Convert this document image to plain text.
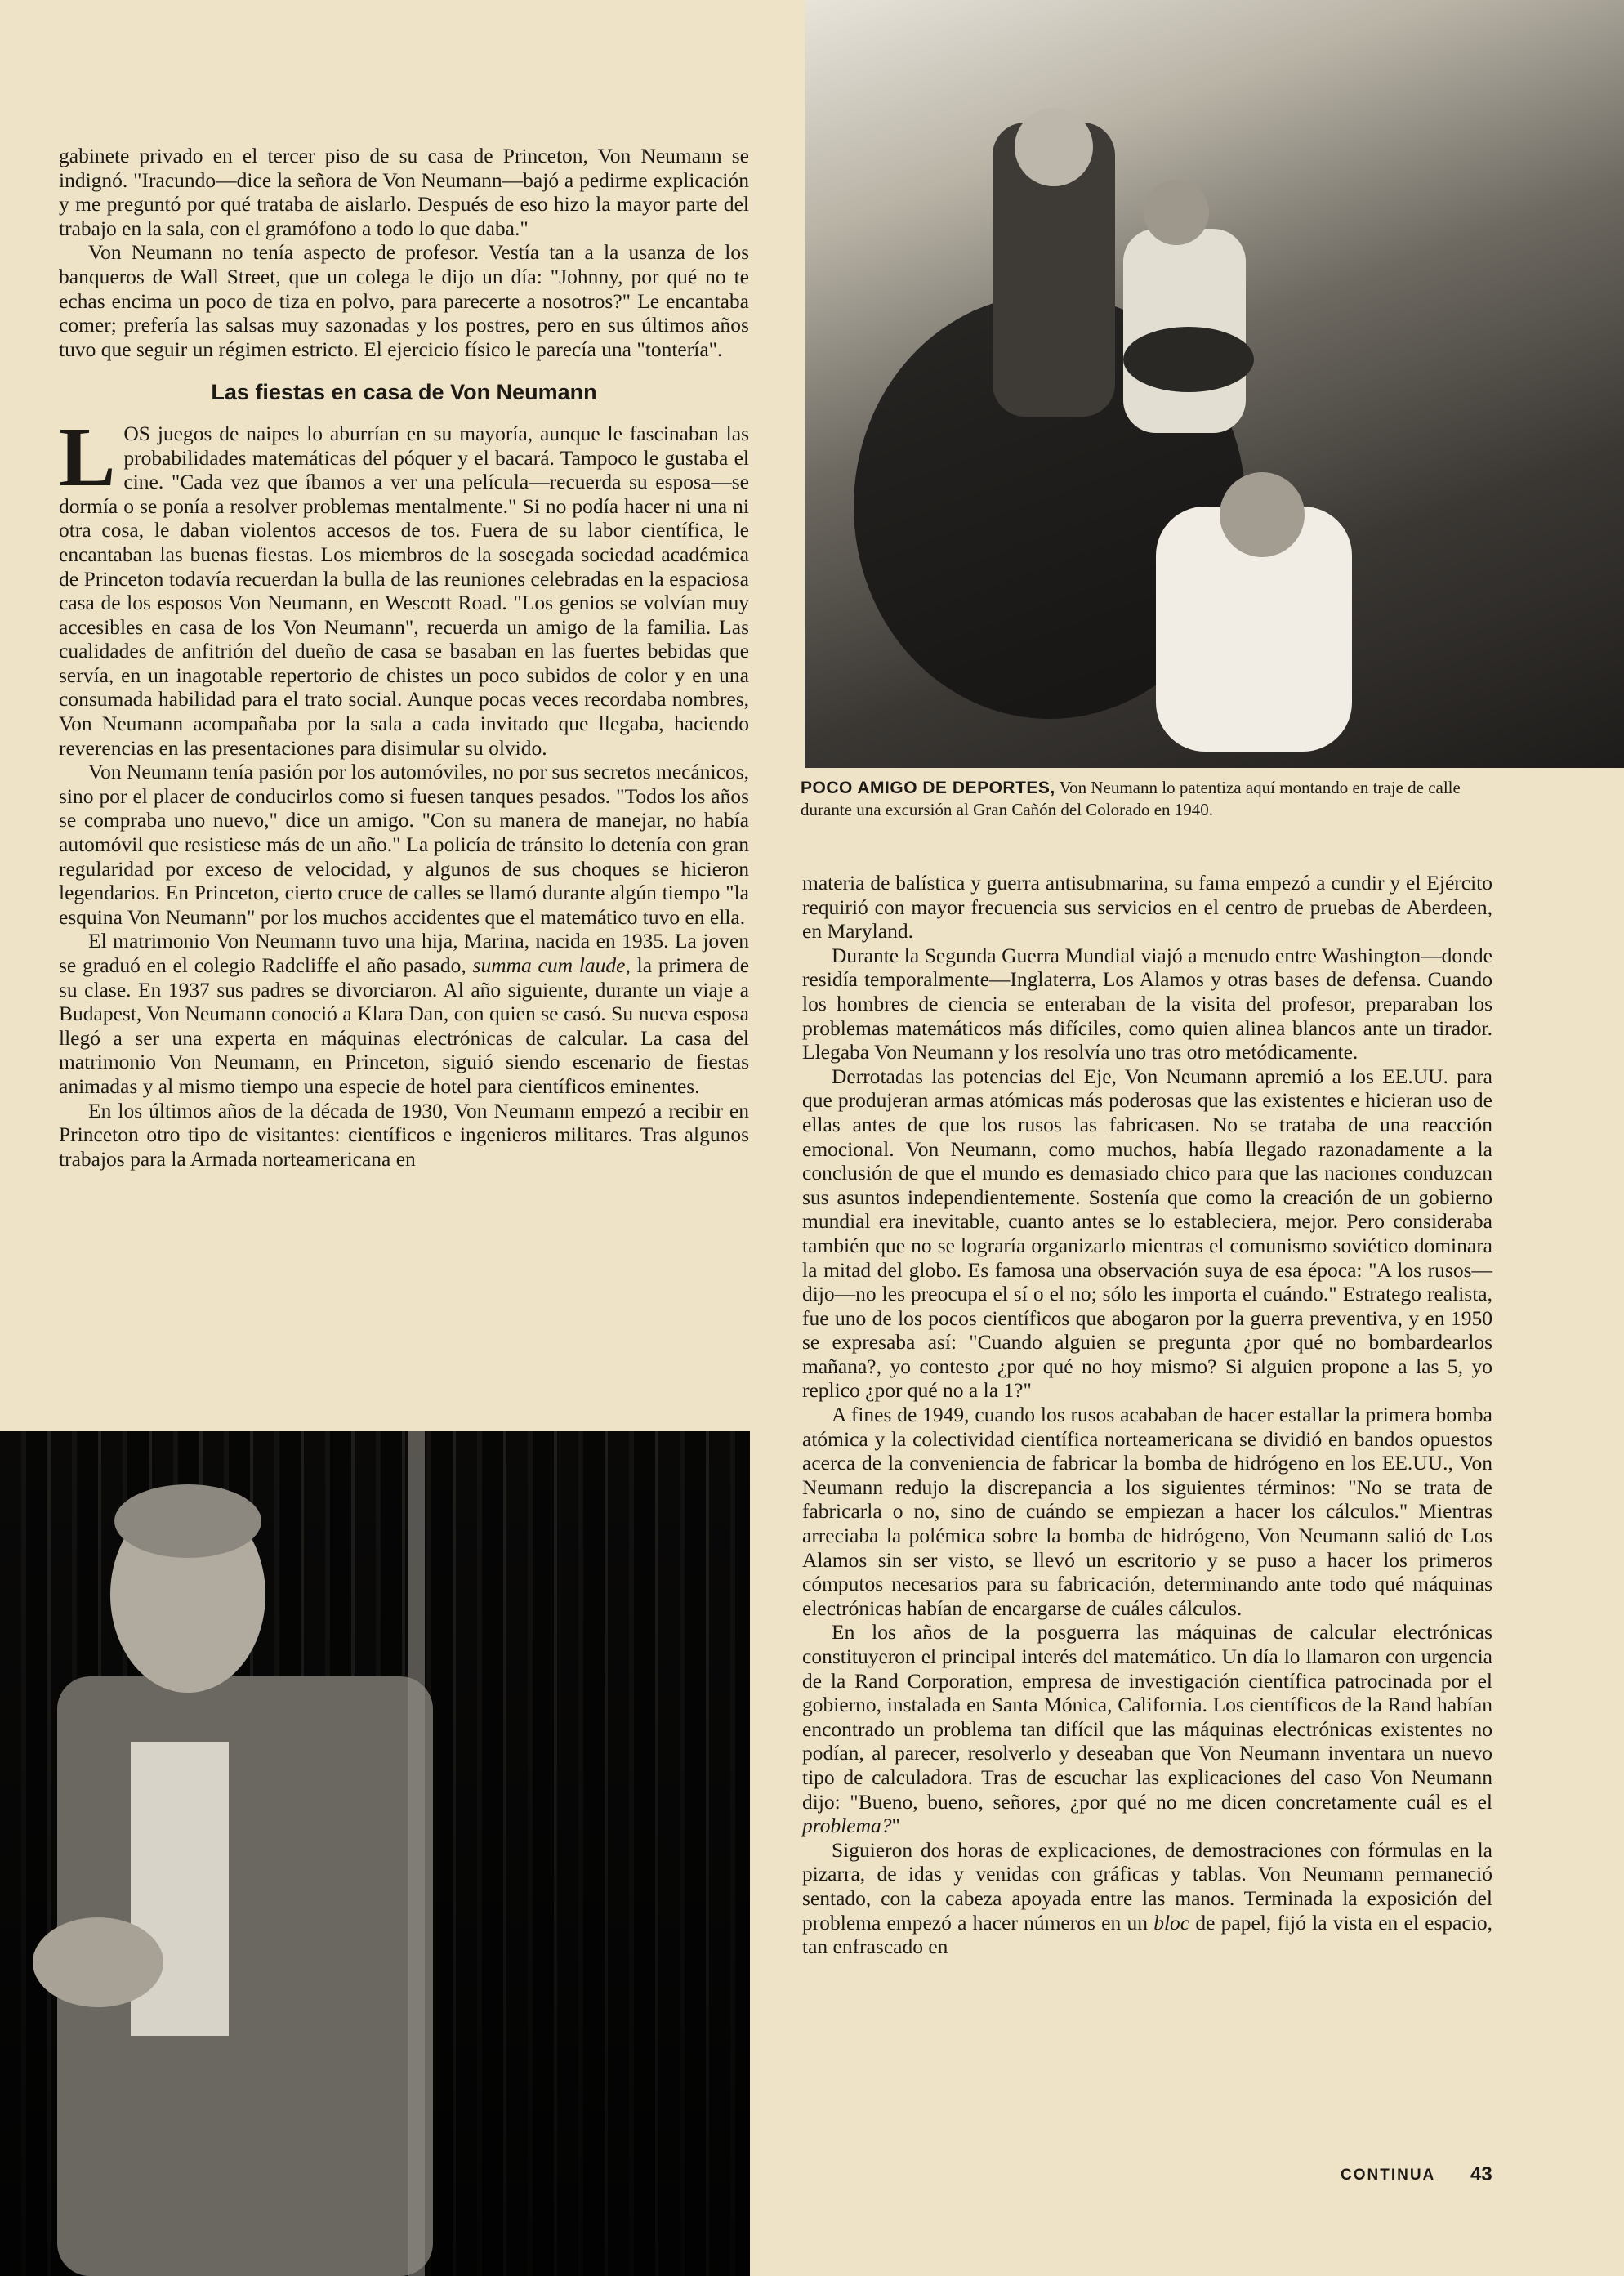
gabinete privado en el tercer piso de su casa de Princeton, Von Neumann se indignó. "Iracundo—dice la señora de Von Neumann—bajó a pedirme explicación y me preguntó por qué trataba de aislarlo. Después de eso hizo la mayor parte del trabajo en la sala, con el gramófono a todo lo que daba."

Von Neumann no tenía aspecto de profesor. Vestía tan a la usanza de los banqueros de Wall Street, que un colega le dijo un día: "Johnny, por qué no te echas encima un poco de tiza en polvo, para parecerte a nosotros?" Le encantaba comer; prefería las salsas muy sazonadas y los postres, pero en sus últimos años tuvo que seguir un régimen estricto. El ejercicio físico le parecía una "tontería".

Las fiestas en casa de Von Neumann

LOS juegos de naipes lo aburrían en su mayoría, aunque le fascinaban las probabilidades matemáticas del póquer y el bacará. Tampoco le gustaba el cine. "Cada vez que íbamos a ver una película—recuerda su esposa—se dormía o se ponía a resolver problemas mentalmente." Si no podía hacer ni una ni otra cosa, le daban violentos accesos de tos. Fuera de su labor científica, le encantaban las buenas fiestas. Los miembros de la sosegada sociedad académica de Princeton todavía recuerdan la bulla de las reuniones celebradas en la espaciosa casa de los esposos Von Neumann, en Wescott Road. "Los genios se volvían muy accesibles en casa de los Von Neumann", recuerda un amigo de la familia. Las cualidades de anfitrión del dueño de casa se basaban en las fuertes bebidas que servía, en un inagotable repertorio de chistes un poco subidos de color y en una consumada habilidad para el trato social. Aunque pocas veces recordaba nombres, Von Neumann acompañaba por la sala a cada invitado que llegaba, haciendo reverencias en las presentaciones para disimular su olvido.

Von Neumann tenía pasión por los automóviles, no por sus secretos mecánicos, sino por el placer de conducirlos como si fuesen tanques pesados. "Todos los años se compraba uno nuevo," dice un amigo. "Con su manera de manejar, no había automóvil que resistiese más de un año." La policía de tránsito lo detenía con gran regularidad por exceso de velocidad, y algunos de sus choques se hicieron legendarios. En Princeton, cierto cruce de calles se llamó durante algún tiempo "la esquina Von Neumann" por los muchos accidentes que el matemático tuvo en ella.

El matrimonio Von Neumann tuvo una hija, Marina, nacida en 1935. La joven se graduó en el colegio Radcliffe el año pasado, summa cum laude, la primera de su clase. En 1937 sus padres se divorciaron. Al año siguiente, durante un viaje a Budapest, Von Neumann conoció a Klara Dan, con quien se casó. Su nueva esposa llegó a ser una experta en máquinas electrónicas de calcular. La casa del matrimonio Von Neumann, en Princeton, siguió siendo escenario de fiestas animadas y al mismo tiempo una especie de hotel para científicos eminentes.

En los últimos años de la década de 1930, Von Neumann empezó a recibir en Princeton otro tipo de visitantes: científicos e ingenieros militares. Tras algunos trabajos para la Armada norteamericana en

POCO AMIGO DE DEPORTES, Von Neumann lo patentiza aquí montando en traje de calle durante una excursión al Gran Cañón del Colorado en 1940.

materia de balística y guerra antisubmarina, su fama empezó a cundir y el Ejército requirió con mayor frecuencia sus servicios en el centro de pruebas de Aberdeen, en Maryland.

Durante la Segunda Guerra Mundial viajó a menudo entre Washington—donde residía temporalmente—Inglaterra, Los Alamos y otras bases de defensa. Cuando los hombres de ciencia se enteraban de la visita del profesor, preparaban los problemas matemáticos más difíciles, como quien alinea blancos ante un tirador. Llegaba Von Neumann y los resolvía uno tras otro metódicamente.

Derrotadas las potencias del Eje, Von Neumann apremió a los EE.UU. para que produjeran armas atómicas más poderosas que las existentes e hicieran uso de ellas antes de que los rusos las fabricasen. No se trataba de una reacción emocional. Von Neumann, como muchos, había llegado razonadamente a la conclusión de que el mundo es demasiado chico para que las naciones conduzcan sus asuntos independientemente. Sostenía que como la creación de un gobierno mundial era inevitable, cuanto antes se lo estableciera, mejor. Pero consideraba también que no se lograría organizarlo mientras el comunismo soviético dominara la mitad del globo. Es famosa una observación suya de esa época: "A los rusos—dijo—no les preocupa el sí o el no; sólo les importa el cuándo." Estratego realista, fue uno de los pocos científicos que abogaron por la guerra preventiva, y en 1950 se expresaba así: "Cuando alguien se pregunta ¿por qué no bombardearlos mañana?, yo contesto ¿por qué no hoy mismo? Si alguien propone a las 5, yo replico ¿por qué no a la 1?"

A fines de 1949, cuando los rusos acababan de hacer estallar la primera bomba atómica y la colectividad científica norteamericana se dividió en bandos opuestos acerca de la conveniencia de fabricar la bomba de hidrógeno en los EE.UU., Von Neumann redujo la discrepancia a los siguientes términos: "No se trata de fabricarla o no, sino de cuándo se empiezan a hacer los cálculos." Mientras arreciaba la polémica sobre la bomba de hidrógeno, Von Neumann salió de Los Alamos sin ser visto, se llevó un escritorio y se puso a hacer los primeros cómputos necesarios para su fabricación, determinando ante todo qué máquinas electrónicas habían de encargarse de cuáles cálculos.

En los años de la posguerra las máquinas de calcular electrónicas constituyeron el principal interés del matemático. Un día lo llamaron con urgencia de la Rand Corporation, empresa de investigación científica patrocinada por el gobierno, instalada en Santa Mónica, California. Los científicos de la Rand habían encontrado un problema tan difícil que las máquinas electrónicas existentes no podían, al parecer, resolverlo y deseaban que Von Neumann inventara un nuevo tipo de calculadora. Tras de escuchar las explicaciones del caso Von Neumann dijo: "Bueno, bueno, señores, ¿por qué no me dicen concretamente cuál es el problema?"

Siguieron dos horas de explicaciones, de demostraciones con fórmulas en la pizarra, de idas y venidas con gráficas y tablas. Von Neumann permaneció sentado, con la cabeza apoyada entre las manos. Terminada la exposición del problema empezó a hacer números en un bloc de papel, fijó la vista en el espacio, tan enfrascado en

CONTINUA 43
